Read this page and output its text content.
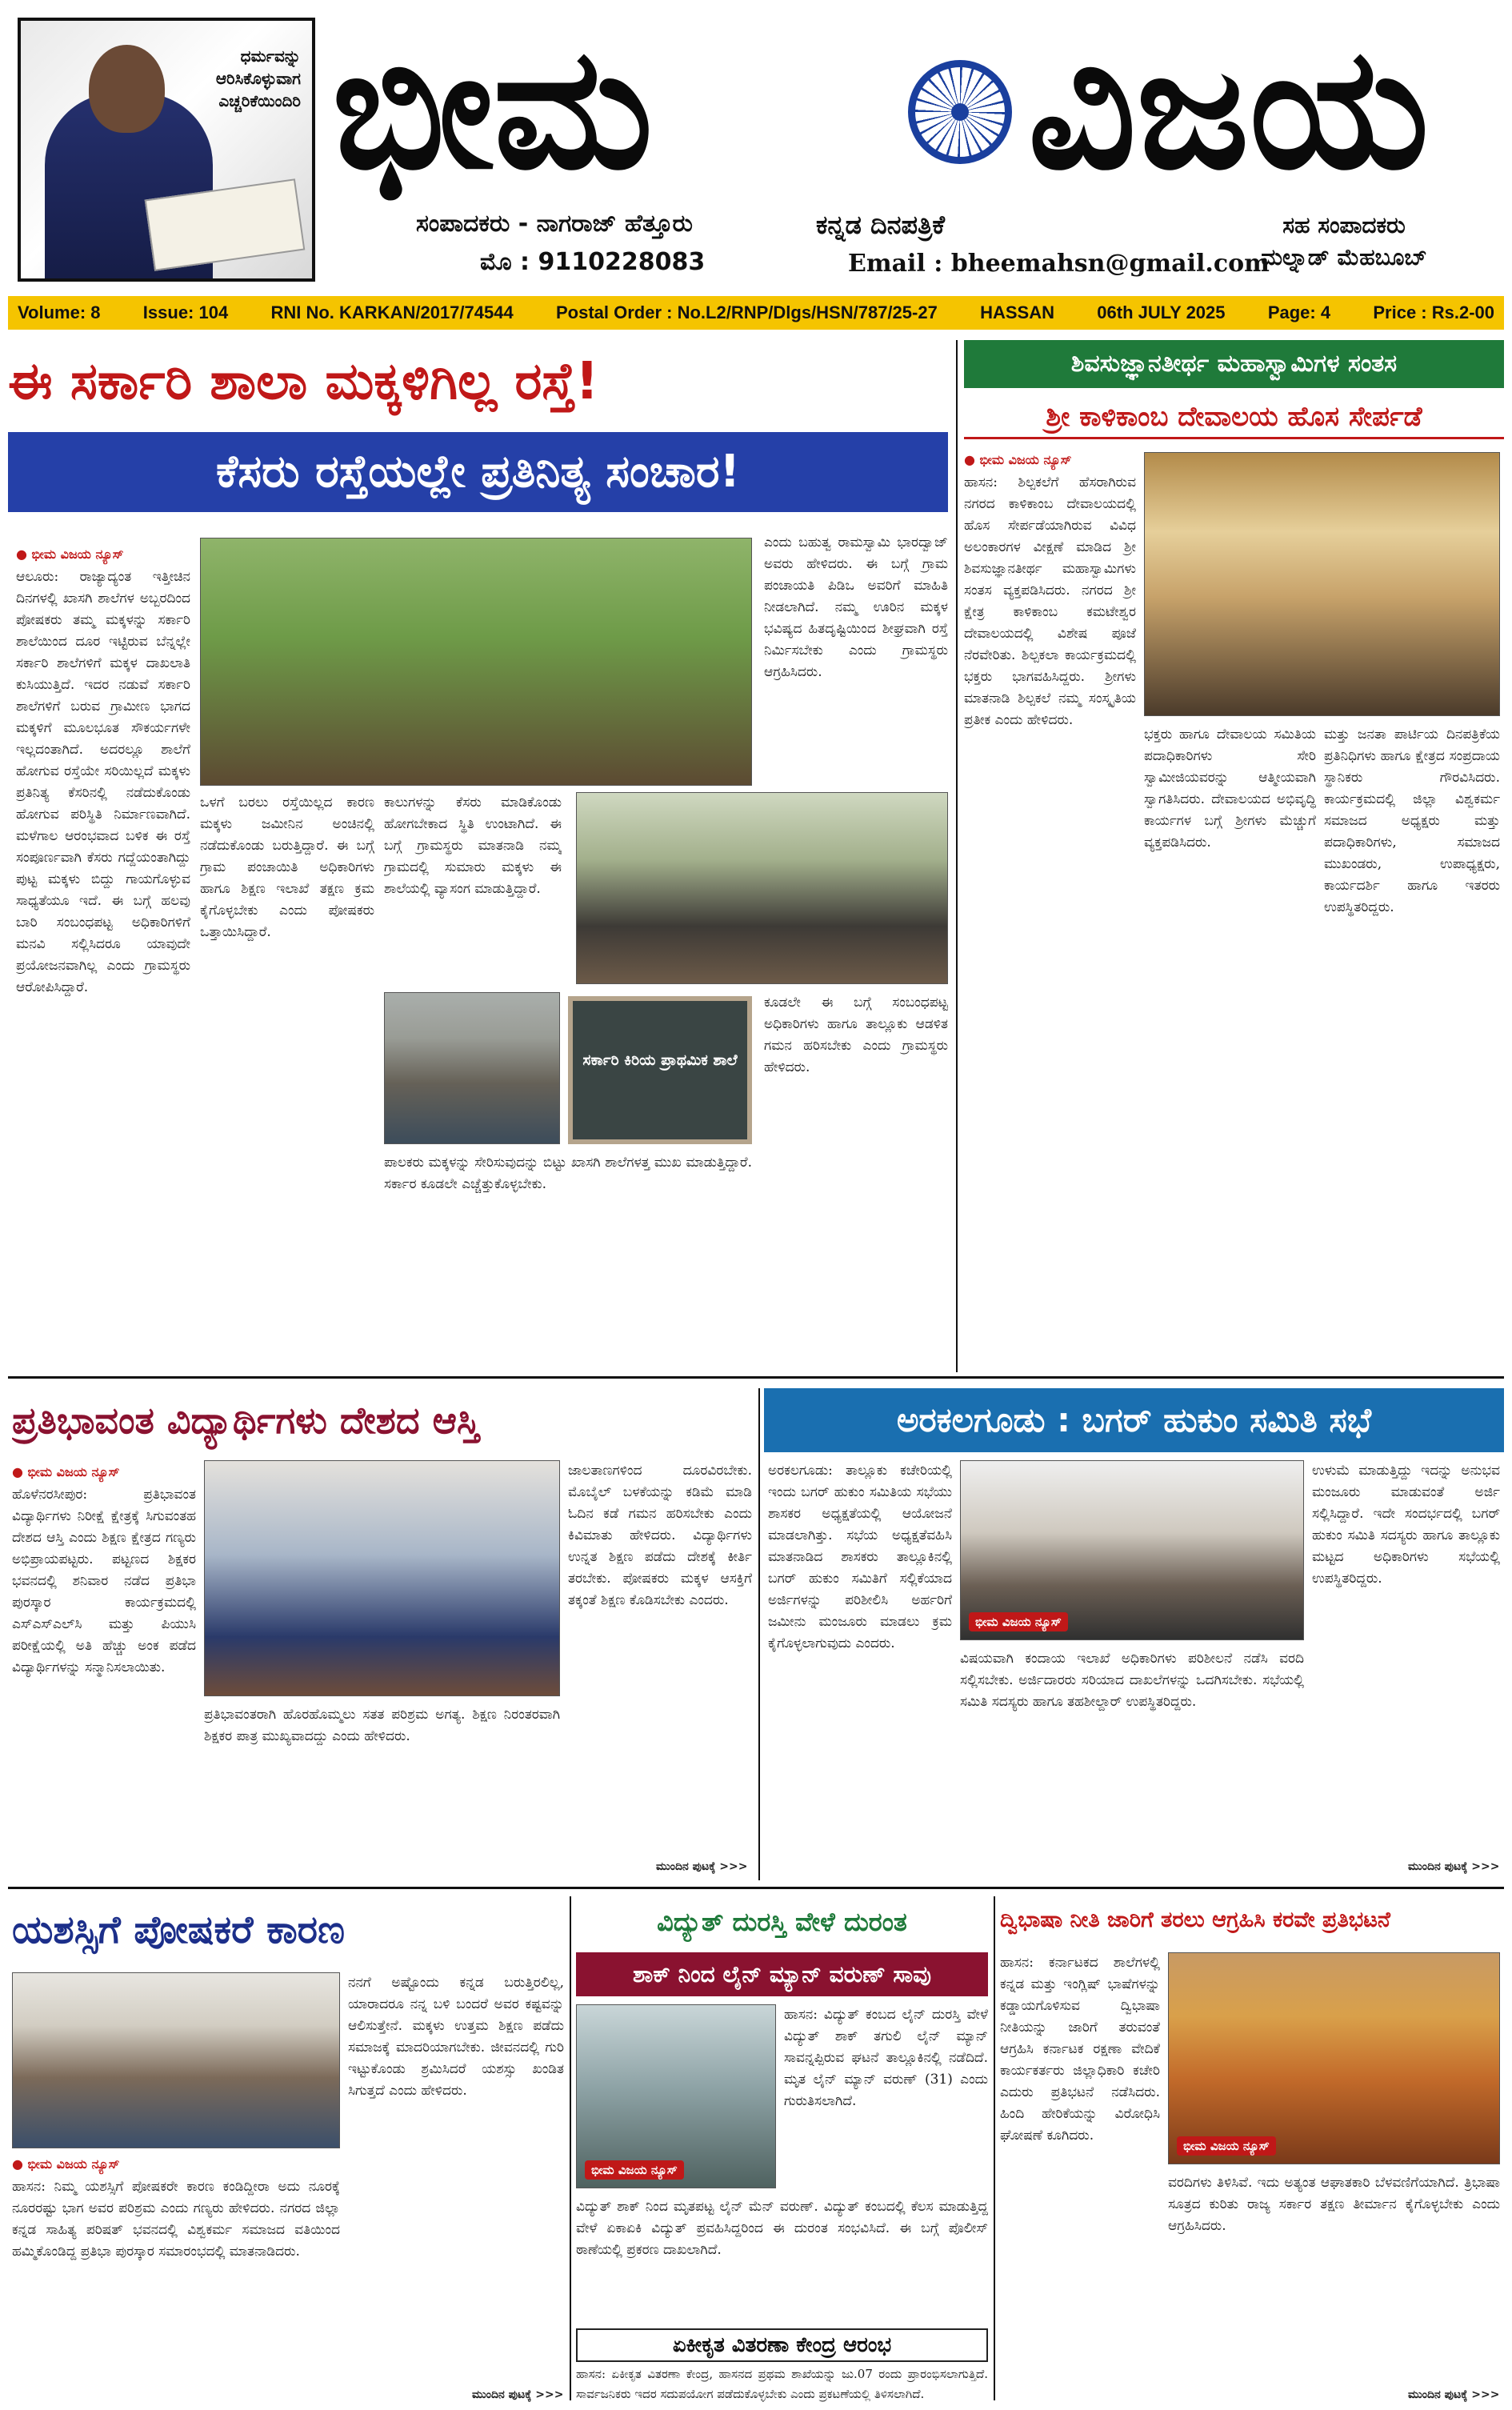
ಧರ್ಮವನ್ನು ಆರಿಸಿಕೊಳ್ಳುವಾಗ ಎಚ್ಚರಿಕೆಯಿಂದಿರಿ ಭೀಮ ವಿಜಯ
ಸಂಪಾದಕರು - ನಾಗರಾಜ್ ಹೆತ್ತೂರು
ಮೊ : 9110228083
ಕನ್ನಡ ದಿನಪತ್ರಿಕೆ
Email : bheemahsn@gmail.com
ಸಹ ಸಂಪಾದಕರು ಮಲ್ನಾಡ್ ಮೆಹಬೂಬ್
Volume: 8 Issue: 104 RNI No. KARKAN/2017/74544 Postal Order : No.L2/RNP/Dlgs/HSN/787/25-27 HASSAN 06th JULY 2025 Page: 4 Price : Rs.2-00
ಈ ಸರ್ಕಾರಿ ಶಾಲಾ ಮಕ್ಕಳಿಗಿಲ್ಲ ರಸ್ತೆ!
ಕೆಸರು ರಸ್ತೆಯಲ್ಲೇ ಪ್ರತಿನಿತ್ಯ ಸಂಚಾರ!
● ಭೀಮ ವಿಜಯ ನ್ಯೂಸ್
ಆಲೂರು: ರಾಜ್ಯಾದ್ಯಂತ ಇತ್ತೀಚಿನ ದಿನಗಳಲ್ಲಿ ಖಾಸಗಿ ಶಾಲೆಗಳ ಅಬ್ಬರದಿಂದ ಪೋಷಕರು ತಮ್ಮ ಮಕ್ಕಳನ್ನು ಸರ್ಕಾರಿ ಶಾಲೆಯಿಂದ ದೂರ ಇಟ್ಟಿರುವ ಬೆನ್ನಲ್ಲೇ ಸರ್ಕಾರಿ ಶಾಲೆಗಳಿಗೆ ಮಕ್ಕಳ ದಾಖಲಾತಿ ಕುಸಿಯುತ್ತಿದೆ. ಇದರ ನಡುವೆ ಸರ್ಕಾರಿ ಶಾಲೆಗಳಿಗೆ ಬರುವ ಗ್ರಾಮೀಣ ಭಾಗದ ಮಕ್ಕಳಿಗೆ ಮೂಲಭೂತ ಸೌಕರ್ಯಗಳೇ ಇಲ್ಲದಂತಾಗಿದೆ. ಅದರಲ್ಲೂ ಶಾಲೆಗೆ ಹೋಗುವ ರಸ್ತೆಯೇ ಸರಿಯಿಲ್ಲದೆ ಮಕ್ಕಳು ಪ್ರತಿನಿತ್ಯ ಕೆಸರಿನಲ್ಲಿ ನಡೆದುಕೊಂಡು ಹೋಗುವ ಪರಿಸ್ಥಿತಿ ನಿರ್ಮಾಣವಾಗಿದೆ. ಮಳೆಗಾಲ ಆರಂಭವಾದ ಬಳಿಕ ಈ ರಸ್ತೆ ಸಂಪೂರ್ಣವಾಗಿ ಕೆಸರು ಗದ್ದೆಯಂತಾಗಿದ್ದು ಪುಟ್ಟ ಮಕ್ಕಳು ಬಿದ್ದು ಗಾಯಗೊಳ್ಳುವ ಸಾಧ್ಯತೆಯೂ ಇದೆ. ಈ ಬಗ್ಗೆ ಹಲವು ಬಾರಿ ಸಂಬಂಧಪಟ್ಟ ಅಧಿಕಾರಿಗಳಿಗೆ ಮನವಿ ಸಲ್ಲಿಸಿದರೂ ಯಾವುದೇ ಪ್ರಯೋಜನವಾಗಿಲ್ಲ ಎಂದು ಗ್ರಾಮಸ್ಥರು ಆರೋಪಿಸಿದ್ದಾರೆ.
ಒಳಗೆ ಬರಲು ರಸ್ತೆಯಿಲ್ಲದ ಕಾರಣ ಮಕ್ಕಳು ಜಮೀನಿನ ಅಂಚಿನಲ್ಲಿ ನಡೆದುಕೊಂಡು ಬರುತ್ತಿದ್ದಾರೆ. ಈ ಬಗ್ಗೆ ಗ್ರಾಮ ಪಂಚಾಯಿತಿ ಅಧಿಕಾರಿಗಳು ಹಾಗೂ ಶಿಕ್ಷಣ ಇಲಾಖೆ ತಕ್ಷಣ ಕ್ರಮ ಕೈಗೊಳ್ಳಬೇಕು ಎಂದು ಪೋಷಕರು ಒತ್ತಾಯಿಸಿದ್ದಾರೆ.
ಕಾಲುಗಳನ್ನು ಕೆಸರು ಮಾಡಿಕೊಂಡು ಹೋಗಬೇಕಾದ ಸ್ಥಿತಿ ಉಂಟಾಗಿದೆ. ಈ ಬಗ್ಗೆ ಗ್ರಾಮಸ್ಥರು ಮಾತನಾಡಿ ನಮ್ಮ ಗ್ರಾಮದಲ್ಲಿ ಸುಮಾರು ಮಕ್ಕಳು ಈ ಶಾಲೆಯಲ್ಲಿ ವ್ಯಾಸಂಗ ಮಾಡುತ್ತಿದ್ದಾರೆ.
ಸರ್ಕಾರಿ ಕಿರಿಯ ಪ್ರಾಥಮಿಕ ಶಾಲೆ
ಪಾಲಕರು ಮಕ್ಕಳನ್ನು ಸೇರಿಸುವುದನ್ನು ಬಿಟ್ಟು ಖಾಸಗಿ ಶಾಲೆಗಳತ್ತ ಮುಖ ಮಾಡುತ್ತಿದ್ದಾರೆ. ಸರ್ಕಾರ ಕೂಡಲೇ ಎಚ್ಚೆತ್ತುಕೊಳ್ಳಬೇಕು.
ಎಂದು ಬಹುತ್ವ ರಾಮಸ್ವಾಮಿ ಭಾರದ್ವಾಜ್ ಅವರು ಹೇಳಿದರು. ಈ ಬಗ್ಗೆ ಗ್ರಾಮ ಪಂಚಾಯತಿ ಪಿಡಿಒ ಅವರಿಗೆ ಮಾಹಿತಿ ನೀಡಲಾಗಿದೆ. ನಮ್ಮ ಊರಿನ ಮಕ್ಕಳ ಭವಿಷ್ಯದ ಹಿತದೃಷ್ಟಿಯಿಂದ ಶೀಘ್ರವಾಗಿ ರಸ್ತೆ ನಿರ್ಮಿಸಬೇಕು ಎಂದು ಗ್ರಾಮಸ್ಥರು ಆಗ್ರಹಿಸಿದರು.
ಕೂಡಲೇ ಈ ಬಗ್ಗೆ ಸಂಬಂಧಪಟ್ಟ ಅಧಿಕಾರಿಗಳು ಹಾಗೂ ತಾಲ್ಲೂಕು ಆಡಳಿತ ಗಮನ ಹರಿಸಬೇಕು ಎಂದು ಗ್ರಾಮಸ್ಥರು ಹೇಳಿದರು.
ಶಿವಸುಜ್ಞಾನತೀರ್ಥ ಮಹಾಸ್ವಾಮಿಗಳ ಸಂತಸ
ಶ್ರೀ ಕಾಳಿಕಾಂಬ ದೇವಾಲಯ ಹೊಸ ಸೇರ್ಪಡೆ
● ಭೀಮ ವಿಜಯ ನ್ಯೂಸ್
ಹಾಸನ: ಶಿಲ್ಪಕಲೆಗೆ ಹೆಸರಾಗಿರುವ ನಗರದ ಕಾಳಿಕಾಂಬ ದೇವಾಲಯದಲ್ಲಿ ಹೊಸ ಸೇರ್ಪಡೆಯಾಗಿರುವ ವಿವಿಧ ಅಲಂಕಾರಗಳ ವೀಕ್ಷಣೆ ಮಾಡಿದ ಶ್ರೀ ಶಿವಸುಜ್ಞಾನತೀರ್ಥ ಮಹಾಸ್ವಾಮಿಗಳು ಸಂತಸ ವ್ಯಕ್ತಪಡಿಸಿದರು. ನಗರದ ಶ್ರೀ ಕ್ಷೇತ್ರ ಕಾಳಿಕಾಂಬ ಕಮಟೇಶ್ವರ ದೇವಾಲಯದಲ್ಲಿ ವಿಶೇಷ ಪೂಜೆ ನೆರವೇರಿತು. ಶಿಲ್ಪಕಲಾ ಕಾರ್ಯಕ್ರಮದಲ್ಲಿ ಭಕ್ತರು ಭಾಗವಹಿಸಿದ್ದರು. ಶ್ರೀಗಳು ಮಾತನಾಡಿ ಶಿಲ್ಪಕಲೆ ನಮ್ಮ ಸಂಸ್ಕೃತಿಯ ಪ್ರತೀಕ ಎಂದು ಹೇಳಿದರು.
ಭಕ್ತರು ಹಾಗೂ ದೇವಾಲಯ ಸಮಿತಿಯ ಪದಾಧಿಕಾರಿಗಳು ಸೇರಿ ಸ್ವಾಮೀಜಿಯವರನ್ನು ಆತ್ಮೀಯವಾಗಿ ಸ್ವಾಗತಿಸಿದರು. ದೇವಾಲಯದ ಅಭಿವೃದ್ಧಿ ಕಾರ್ಯಗಳ ಬಗ್ಗೆ ಶ್ರೀಗಳು ಮೆಚ್ಚುಗೆ ವ್ಯಕ್ತಪಡಿಸಿದರು.
ಮತ್ತು ಜನತಾ ಪಾರ್ಟಿಯ ದಿನಪತ್ರಿಕೆಯ ಪ್ರತಿನಿಧಿಗಳು ಹಾಗೂ ಕ್ಷೇತ್ರದ ಸಂಪ್ರದಾಯ ಸ್ಥಾನಿಕರು ಗೌರವಿಸಿದರು. ಕಾರ್ಯಕ್ರಮದಲ್ಲಿ ಜಿಲ್ಲಾ ವಿಶ್ವಕರ್ಮ ಸಮಾಜದ ಅಧ್ಯಕ್ಷರು ಮತ್ತು ಪದಾಧಿಕಾರಿಗಳು, ಸಮಾಜದ ಮುಖಂಡರು, ಉಪಾಧ್ಯಕ್ಷರು, ಕಾರ್ಯದರ್ಶಿ ಹಾಗೂ ಇತರರು ಉಪಸ್ಥಿತರಿದ್ದರು.
ಪ್ರತಿಭಾವಂತ ವಿದ್ಯಾರ್ಥಿಗಳು ದೇಶದ ಆಸ್ತಿ
● ಭೀಮ ವಿಜಯ ನ್ಯೂಸ್
ಹೊಳೆನರಸೀಪುರ: ಪ್ರತಿಭಾವಂತ ವಿದ್ಯಾರ್ಥಿಗಳು ನಿರೀಕ್ಷೆ ಕ್ಷೇತ್ರಕ್ಕೆ ಸಿಗುವಂತಹ ದೇಶದ ಆಸ್ತಿ ಎಂದು ಶಿಕ್ಷಣ ಕ್ಷೇತ್ರದ ಗಣ್ಯರು ಅಭಿಪ್ರಾಯಪಟ್ಟರು. ಪಟ್ಟಣದ ಶಿಕ್ಷಕರ ಭವನದಲ್ಲಿ ಶನಿವಾರ ನಡೆದ ಪ್ರತಿಭಾ ಪುರಸ್ಕಾರ ಕಾರ್ಯಕ್ರಮದಲ್ಲಿ ಎಸ್ಎಸ್ಎಲ್‌ಸಿ ಮತ್ತು ಪಿಯುಸಿ ಪರೀಕ್ಷೆಯಲ್ಲಿ ಅತಿ ಹೆಚ್ಚು ಅಂಕ ಪಡೆದ ವಿದ್ಯಾರ್ಥಿಗಳನ್ನು ಸನ್ಮಾನಿಸಲಾಯಿತು.
ಪ್ರತಿಭಾವಂತರಾಗಿ ಹೊರಹೊಮ್ಮಲು ಸತತ ಪರಿಶ್ರಮ ಅಗತ್ಯ. ಶಿಕ್ಷಣ ನಿರಂತರವಾಗಿ ಶಿಕ್ಷಕರ ಪಾತ್ರ ಮುಖ್ಯವಾದದ್ದು ಎಂದು ಹೇಳಿದರು.
ಜಾಲತಾಣಗಳಿಂದ ದೂರವಿರಬೇಕು. ಮೊಬೈಲ್ ಬಳಕೆಯನ್ನು ಕಡಿಮೆ ಮಾಡಿ ಓದಿನ ಕಡೆ ಗಮನ ಹರಿಸಬೇಕು ಎಂದು ಕಿವಿಮಾತು ಹೇಳಿದರು. ವಿದ್ಯಾರ್ಥಿಗಳು ಉನ್ನತ ಶಿಕ್ಷಣ ಪಡೆದು ದೇಶಕ್ಕೆ ಕೀರ್ತಿ ತರಬೇಕು. ಪೋಷಕರು ಮಕ್ಕಳ ಆಸಕ್ತಿಗೆ ತಕ್ಕಂತೆ ಶಿಕ್ಷಣ ಕೊಡಿಸಬೇಕು ಎಂದರು.
ಮುಂದಿನ ಪುಟಕ್ಕೆ >>>
ಅರಕಲಗೂಡು : ಬಗರ್ ಹುಕುಂ ಸಮಿತಿ ಸಭೆ
ಅರಕಲಗೂಡು: ತಾಲ್ಲೂಕು ಕಚೇರಿಯಲ್ಲಿ ಇಂದು ಬಗರ್ ಹುಕುಂ ಸಮಿತಿಯ ಸಭೆಯು ಶಾಸಕರ ಅಧ್ಯಕ್ಷತೆಯಲ್ಲಿ ಆಯೋಜನೆ ಮಾಡಲಾಗಿತ್ತು. ಸಭೆಯ ಅಧ್ಯಕ್ಷತೆವಹಿಸಿ ಮಾತನಾಡಿದ ಶಾಸಕರು ತಾಲ್ಲೂಕಿನಲ್ಲಿ ಬಗರ್ ಹುಕುಂ ಸಮಿತಿಗೆ ಸಲ್ಲಿಕೆಯಾದ ಅರ್ಜಿಗಳನ್ನು ಪರಿಶೀಲಿಸಿ ಅರ್ಹರಿಗೆ ಜಮೀನು ಮಂಜೂರು ಮಾಡಲು ಕ್ರಮ ಕೈಗೊಳ್ಳಲಾಗುವುದು ಎಂದರು.
ಭೀಮ ವಿಜಯ ನ್ಯೂಸ್
ವಿಷಯವಾಗಿ ಕಂದಾಯ ಇಲಾಖೆ ಅಧಿಕಾರಿಗಳು ಪರಿಶೀಲನೆ ನಡೆಸಿ ವರದಿ ಸಲ್ಲಿಸಬೇಕು. ಅರ್ಜಿದಾರರು ಸರಿಯಾದ ದಾಖಲೆಗಳನ್ನು ಒದಗಿಸಬೇಕು. ಸಭೆಯಲ್ಲಿ ಸಮಿತಿ ಸದಸ್ಯರು ಹಾಗೂ ತಹಶೀಲ್ದಾರ್ ಉಪಸ್ಥಿತರಿದ್ದರು.
ಉಳುಮೆ ಮಾಡುತ್ತಿದ್ದು ಇದನ್ನು ಅನುಭವ ಮಂಜೂರು ಮಾಡುವಂತೆ ಅರ್ಜಿ ಸಲ್ಲಿಸಿದ್ದಾರೆ. ಇದೇ ಸಂದರ್ಭದಲ್ಲಿ ಬಗರ್ ಹುಕುಂ ಸಮಿತಿ ಸದಸ್ಯರು ಹಾಗೂ ತಾಲ್ಲೂಕು ಮಟ್ಟದ ಅಧಿಕಾರಿಗಳು ಸಭೆಯಲ್ಲಿ ಉಪಸ್ಥಿತರಿದ್ದರು.
ಮುಂದಿನ ಪುಟಕ್ಕೆ >>>
ಯಶಸ್ಸಿಗೆ ಪೋಷಕರೆ ಕಾರಣ
● ಭೀಮ ವಿಜಯ ನ್ಯೂಸ್
ಹಾಸನ: ನಿಮ್ಮ ಯಶಸ್ಸಿಗೆ ಪೋಷಕರೇ ಕಾರಣ ಕಂಡಿದ್ದೀರಾ ಅದು ನೂರಕ್ಕೆ ನೂರರಷ್ಟು ಭಾಗ ಅವರ ಪರಿಶ್ರಮ ಎಂದು ಗಣ್ಯರು ಹೇಳಿದರು. ನಗರದ ಜಿಲ್ಲಾ ಕನ್ನಡ ಸಾಹಿತ್ಯ ಪರಿಷತ್ ಭವನದಲ್ಲಿ ವಿಶ್ವಕರ್ಮ ಸಮಾಜದ ವತಿಯಿಂದ ಹಮ್ಮಿಕೊಂಡಿದ್ದ ಪ್ರತಿಭಾ ಪುರಸ್ಕಾರ ಸಮಾರಂಭದಲ್ಲಿ ಮಾತನಾಡಿದರು.
ನನಗೆ ಅಷ್ಟೊಂದು ಕನ್ನಡ ಬರುತ್ತಿರಲಿಲ್ಲ, ಯಾರಾದರೂ ನನ್ನ ಬಳಿ ಬಂದರೆ ಅವರ ಕಷ್ಟವನ್ನು ಆಲಿಸುತ್ತೇನೆ. ಮಕ್ಕಳು ಉತ್ತಮ ಶಿಕ್ಷಣ ಪಡೆದು ಸಮಾಜಕ್ಕೆ ಮಾದರಿಯಾಗಬೇಕು. ಜೀವನದಲ್ಲಿ ಗುರಿ ಇಟ್ಟುಕೊಂಡು ಶ್ರಮಿಸಿದರೆ ಯಶಸ್ಸು ಖಂಡಿತ ಸಿಗುತ್ತದೆ ಎಂದು ಹೇಳಿದರು.
ಮುಂದಿನ ಪುಟಕ್ಕೆ >>>
ವಿದ್ಯುತ್ ದುರಸ್ತಿ ವೇಳೆ ದುರಂತ
ಶಾಕ್ ನಿಂದ ಲೈನ್ ಮ್ಯಾನ್ ವರುಣ್ ಸಾವು
ಭೀಮ ವಿಜಯ ನ್ಯೂಸ್
ಹಾಸನ: ವಿದ್ಯುತ್ ಕಂಬದ ಲೈನ್ ದುರಸ್ತಿ ವೇಳೆ ವಿದ್ಯುತ್ ಶಾಕ್ ತಗುಲಿ ಲೈನ್ ಮ್ಯಾನ್ ಸಾವನ್ನಪ್ಪಿರುವ ಘಟನೆ ತಾಲ್ಲೂಕಿನಲ್ಲಿ ನಡೆದಿದೆ. ಮೃತ ಲೈನ್ ಮ್ಯಾನ್ ವರುಣ್ (31) ಎಂದು ಗುರುತಿಸಲಾಗಿದೆ.
ವಿದ್ಯುತ್ ಶಾಕ್ ನಿಂದ ಮೃತಪಟ್ಟ ಲೈನ್ ಮೆನ್ ವರುಣ್. ವಿದ್ಯುತ್ ಕಂಬದಲ್ಲಿ ಕೆಲಸ ಮಾಡುತ್ತಿದ್ದ ವೇಳೆ ಏಕಾಏಕಿ ವಿದ್ಯುತ್ ಪ್ರವಹಿಸಿದ್ದರಿಂದ ಈ ದುರಂತ ಸಂಭವಿಸಿದೆ. ಈ ಬಗ್ಗೆ ಪೊಲೀಸ್ ಠಾಣೆಯಲ್ಲಿ ಪ್ರಕರಣ ದಾಖಲಾಗಿದೆ.
ಏಕೀಕೃತ ವಿತರಣಾ ಕೇಂದ್ರ ಆರಂಭ
ಹಾಸನ: ಏಕೀಕೃತ ವಿತರಣಾ ಕೇಂದ್ರ, ಹಾಸನದ ಪ್ರಥಮ ಶಾಖೆಯನ್ನು ಜು.07 ರಂದು ಪ್ರಾರಂಭಿಸಲಾಗುತ್ತಿದೆ. ಸಾರ್ವಜನಿಕರು ಇದರ ಸದುಪಯೋಗ ಪಡೆದುಕೊಳ್ಳಬೇಕು ಎಂದು ಪ್ರಕಟಣೆಯಲ್ಲಿ ತಿಳಿಸಲಾಗಿದೆ.
ದ್ವಿಭಾಷಾ ನೀತಿ ಜಾರಿಗೆ ತರಲು ಆಗ್ರಹಿಸಿ ಕರವೇ ಪ್ರತಿಭಟನೆ
ಹಾಸನ: ಕರ್ನಾಟಕದ ಶಾಲೆಗಳಲ್ಲಿ ಕನ್ನಡ ಮತ್ತು ಇಂಗ್ಲಿಷ್ ಭಾಷೆಗಳನ್ನು ಕಡ್ಡಾಯಗೊಳಿಸುವ ದ್ವಿಭಾಷಾ ನೀತಿಯನ್ನು ಜಾರಿಗೆ ತರುವಂತೆ ಆಗ್ರಹಿಸಿ ಕರ್ನಾಟಕ ರಕ್ಷಣಾ ವೇದಿಕೆ ಕಾರ್ಯಕರ್ತರು ಜಿಲ್ಲಾಧಿಕಾರಿ ಕಚೇರಿ ಎದುರು ಪ್ರತಿಭಟನೆ ನಡೆಸಿದರು. ಹಿಂದಿ ಹೇರಿಕೆಯನ್ನು ವಿರೋಧಿಸಿ ಘೋಷಣೆ ಕೂಗಿದರು.
ಭೀಮ ವಿಜಯ ನ್ಯೂಸ್
ವರದಿಗಳು ತಿಳಿಸಿವೆ. ಇದು ಅತ್ಯಂತ ಆಘಾತಕಾರಿ ಬೆಳವಣಿಗೆಯಾಗಿದೆ. ತ್ರಿಭಾಷಾ ಸೂತ್ರದ ಕುರಿತು ರಾಜ್ಯ ಸರ್ಕಾರ ತಕ್ಷಣ ತೀರ್ಮಾನ ಕೈಗೊಳ್ಳಬೇಕು ಎಂದು ಆಗ್ರಹಿಸಿದರು.
ಮುಂದಿನ ಪುಟಕ್ಕೆ >>>
